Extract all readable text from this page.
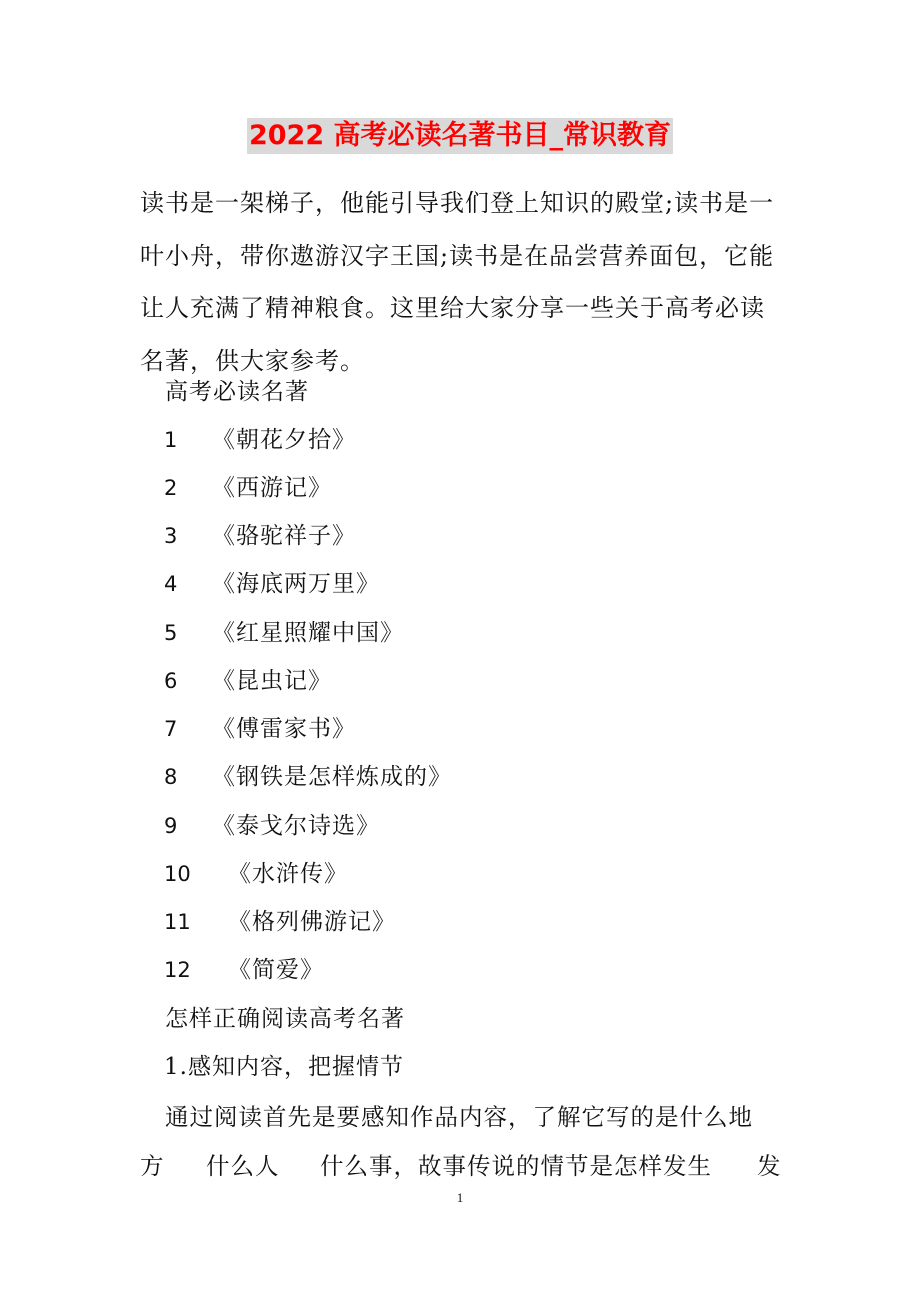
2022 高考必读名著书目_常识教育
读书是一架梯子，他能引导我们登上知识的殿堂;读书是一叶小舟，带你遨游汉字王国;读书是在品尝营养面包，它能让人充满了精神粮食。这里给大家分享一些关于高考必读名著，供大家参考。
高考必读名著
1 《朝花夕拾》
2 《西游记》
3 《骆驼祥子》
4 《海底两万里》
5 《红星照耀中国》
6 《昆虫记》
7 《傅雷家书》
8 《钢铁是怎样炼成的》
9 《泰戈尔诗选》
10 《水浒传》
11 《格列佛游记》
12 《简爱》
怎样正确阅读高考名著
1.感知内容，把握情节
通过阅读首先是要感知作品内容，了解它写的是什么地
方 什么人 什么事，故事传说的情节是怎样发生 发
1
